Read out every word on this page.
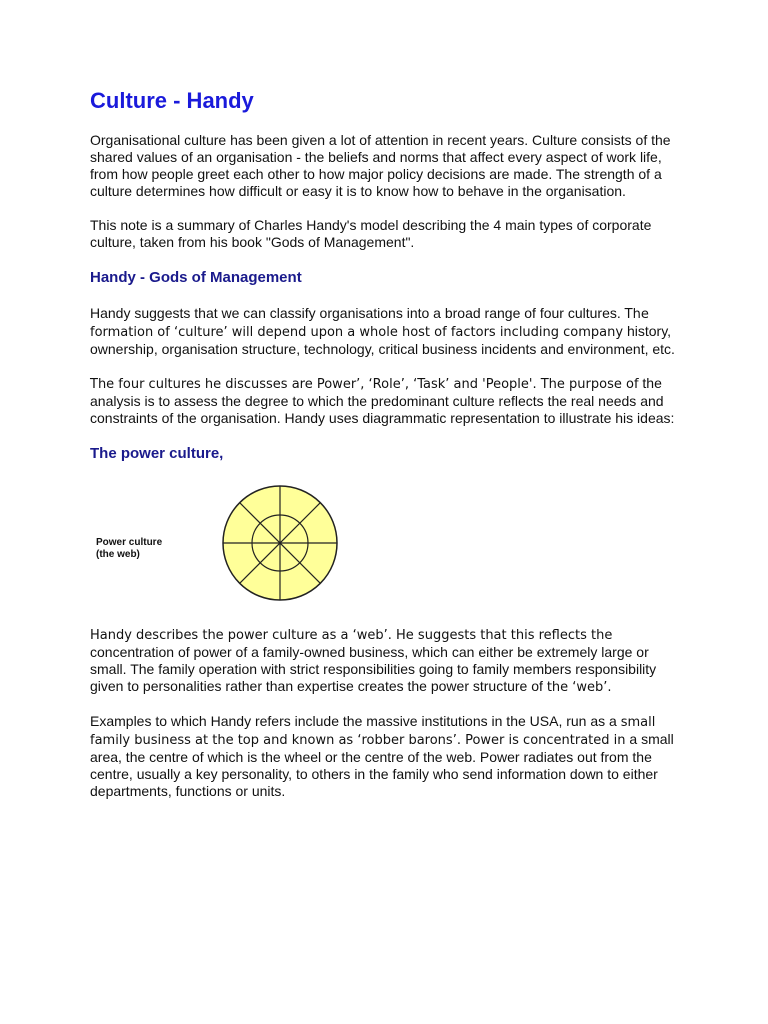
Culture - Handy

Organisational culture has been given a lot of attention in recent years. Culture consists of the shared values of an organisation - the beliefs and norms that affect every aspect of work life, from how people greet each other to how major policy decisions are made. The strength of a culture determines how difficult or easy it is to know how to behave in the organisation.

This note is a summary of Charles Handy's model describing the 4 main types of corporate culture, taken from his book "Gods of Management".

Handy - Gods of Management

Handy suggests that we can classify organisations into a broad range of four cultures. The formation of ‘culture’ will depend upon a whole host of factors including company history, ownership, organisation structure, technology, critical business incidents and environment, etc.

The four cultures he discusses are Power’, ‘Role’, ‘Task’ and 'People'. The purpose of the analysis is to assess the degree to which the predominant culture reflects the real needs and constraints of the organisation. Handy uses diagrammatic representation to illustrate his ideas:

The power culture,
Power culture
(the web)

Handy describes the power culture as a ‘web’. He suggests that this reflects the concentration of power of a family-owned business, which can either be extremely large or small. The family operation with strict responsibilities going to family members responsibility given to personalities rather than expertise creates the power structure of the ‘web’.

Examples to which Handy refers include the massive institutions in the USA, run as a small family business at the top and known as ‘robber barons’. Power is concentrated in a small area, the centre of which is the wheel or the centre of the web. Power radiates out from the centre, usually a key personality, to others in the family who send information down to either departments, functions or units.
